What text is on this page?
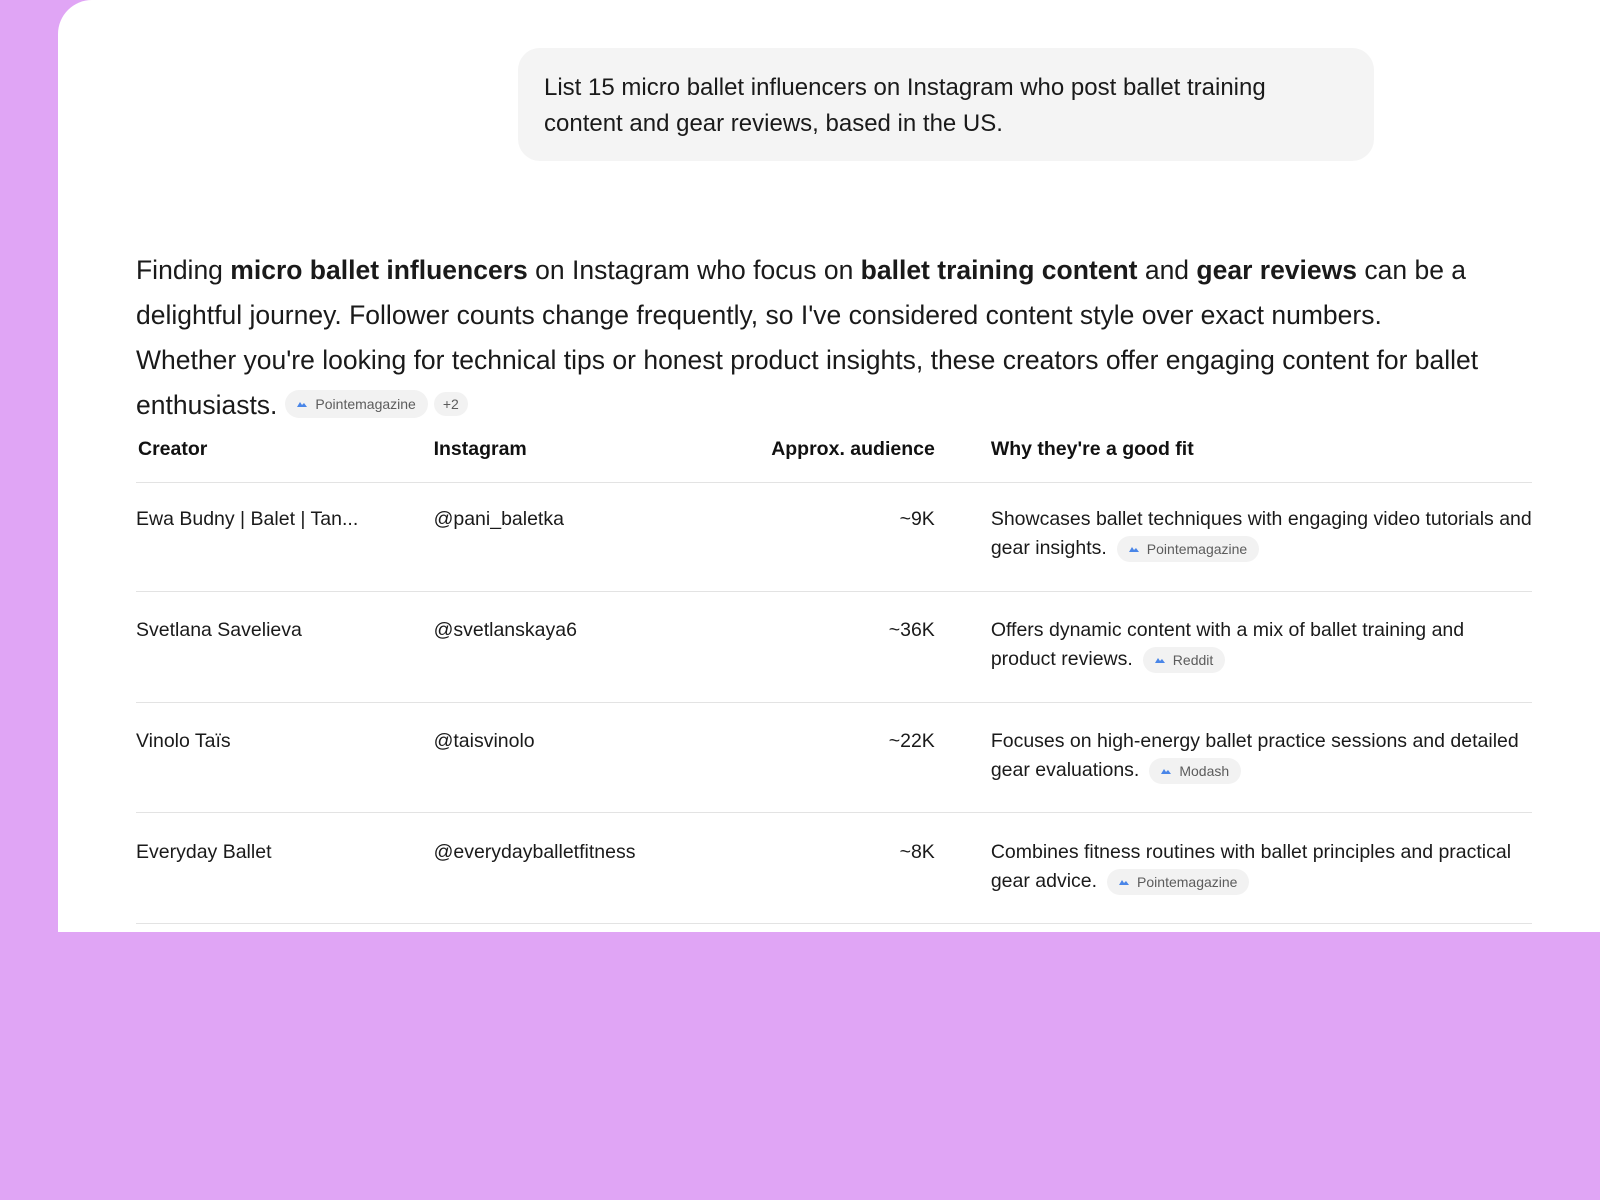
List 15 micro ballet influencers on Instagram who post ballet training content and gear reviews, based in the US.
Finding micro ballet influencers on Instagram who focus on ballet training content and gear reviews can be a delightful journey. Follower counts change frequently, so I've considered content style over exact numbers. Whether you're looking for technical tips or honest product insights, these creators offer engaging content for ballet enthusiasts.	Pointemagazine +2
Creator	Instagram	Approx. audience	Why they're a good fit
Ewa Budny | Balet | Tan...	@pani_baletka	~9K	Showcases ballet techniques with engaging video tutorials and gear insights.	Pointemagazine
Svetlana Savelieva	@svetlanskaya6	~36K	Offers dynamic content with a mix of ballet training and product reviews.	Reddit
Vinolo Taïs	@taisvinolo	~22K	Focuses on high-energy ballet practice sessions and detailed gear evaluations.	Modash
Everyday Ballet	@everydayballetfitness	~8K	Combines fitness routines with ballet principles and practical gear advice.	Pointemagazine
